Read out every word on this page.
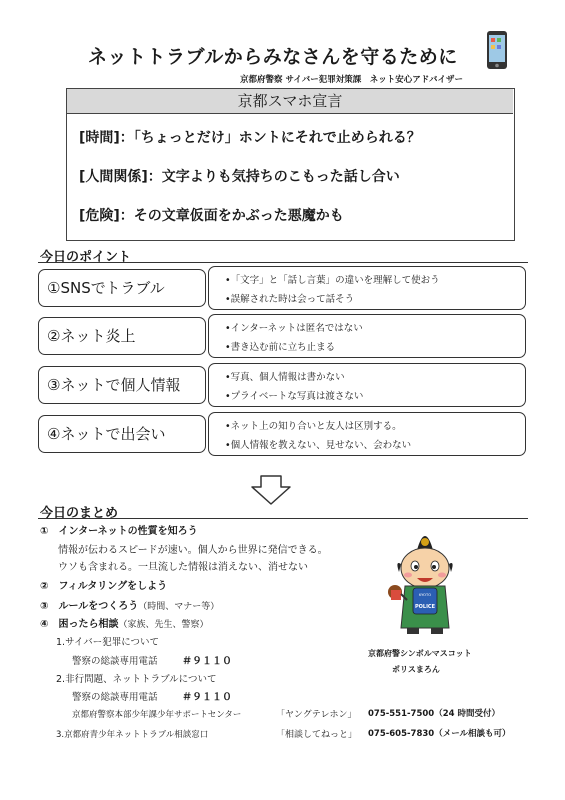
ネットトラブルからみなさんを守るために
京都府警察 サイバー犯罪対策課　ネット安心アドバイザー
京都スマホ宣言
[時間]：「ちょっとだけ」ホントにそれで止められる？
[人間関係]：文字よりも気持ちのこもった話し合い
[危険]：その文章仮面をかぶった悪魔かも
今日のポイント
①SNSでトラブル	•「文字」と「話し言葉」の違いを理解して使おう
•誤解された時は会って話そう
②ネット炎上	•インターネットは匿名ではない
•書き込む前に立ち止まる
③ネットで個人情報	•写真、個人情報は書かない
•プライベートな写真は渡さない
④ネットで出会い	•ネット上の知り合いと友人は区別する。
•個人情報を教えない、見せない、会わない
今日のまとめ
①　インターネットの性質を知ろう
情報が伝わるスピードが速い。個人から世界に発信できる。
ウソも含まれる。一旦流した情報は消えない、消せない
②　フィルタリングをしよう
③　ルールをつくろう（時間、マナー等）
④　困ったら相談（家族、先生、警察）
1.サイバー犯罪について
警察の総談専用電話 ＃９１１０
2.非行問題、ネットトラブルについて
警察の総談専用電話 ＃９１１０
京都府警察本部少年課少年サポートセンター	「ヤングテレホン」 075-551-7500（24 時間受付）
3.京都府青少年ネットトラブル相談窓口	「相談してねっと」 075-605-7830（メール相談も可）
KYOTO
POLICE
京都府警シンボルマスコット
ポリスまろん
